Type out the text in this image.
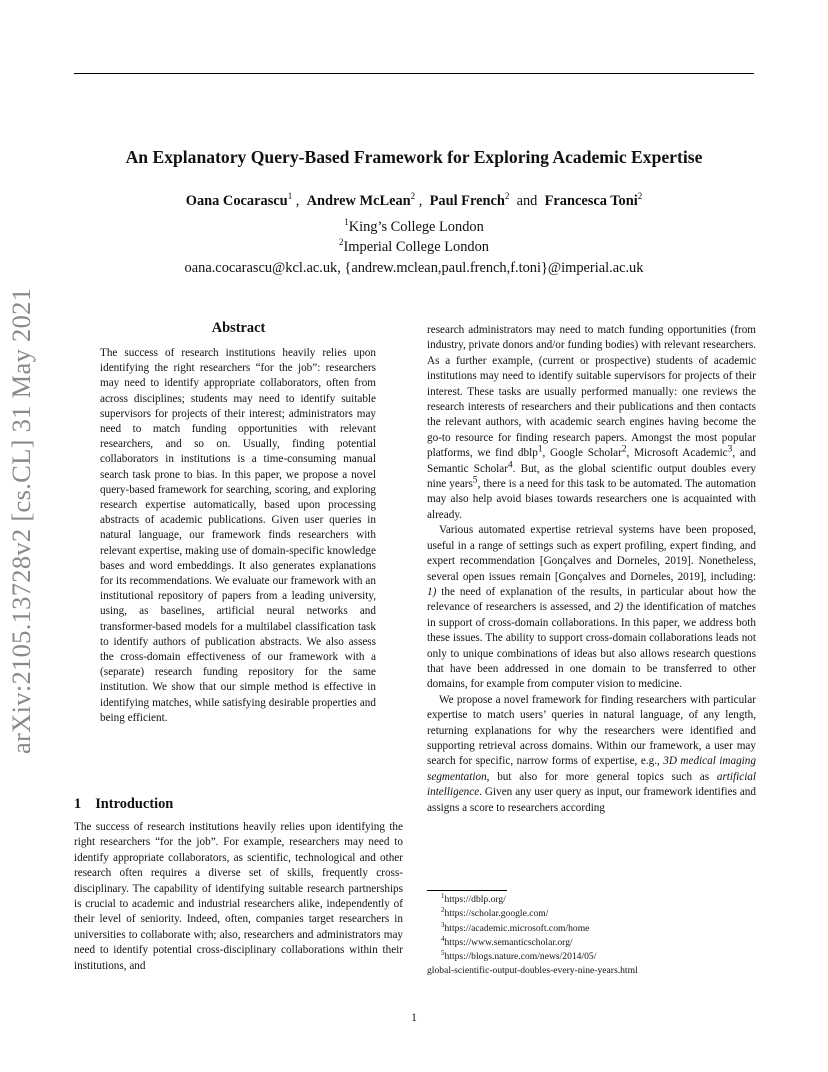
arXiv:2105.13728v2 [cs.CL] 31 May 2021
An Explanatory Query-Based Framework for Exploring Academic Expertise
Oana Cocarascu$^1$ , Andrew McLean$^2$ , Paul French$^2$ and Francesca Toni$^2$
$^1$King’s College London
$^2$Imperial College London
oana.cocarascu@kcl.ac.uk, {andrew.mclean,paul.french,f.toni}@imperial.ac.uk
Abstract
The success of research institutions heavily relies upon identifying the right researchers “for the job”: researchers may need to identify appropriate collaborators, often from across disciplines; students may need to identify suitable supervisors for projects of their interest; administrators may need to match funding opportunities with relevant researchers, and so on. Usually, finding potential collaborators in institutions is a time-consuming manual search task prone to bias. In this paper, we propose a novel query-based framework for searching, scoring, and exploring research expertise automatically, based upon processing abstracts of academic publications. Given user queries in natural language, our framework finds researchers with relevant expertise, making use of domain-specific knowledge bases and word embeddings. It also generates explanations for its recommendations. We evaluate our framework with an institutional repository of papers from a leading university, using, as baselines, artificial neural networks and transformer-based models for a multilabel classification task to identify authors of publication abstracts. We also assess the cross-domain effectiveness of our framework with a (separate) research funding repository for the same institution. We show that our simple method is effective in identifying matches, while satisfying desirable properties and being efficient.
1 Introduction
The success of research institutions heavily relies upon identifying the right researchers “for the job”. For example, researchers may need to identify appropriate collaborators, as scientific, technological and other research often requires a diverse set of skills, frequently cross-disciplinary. The capability of identifying suitable research partnerships is crucial to academic and industrial researchers alike, independently of their level of seniority. Indeed, often, companies target researchers in universities to collaborate with; also, researchers and administrators may need to identify potential cross-disciplinary collaborations within their institutions, and

research administrators may need to match funding opportunities (from industry, private donors and/or funding bodies) with relevant researchers. As a further example, (current or prospective) students of academic institutions may need to identify suitable supervisors for projects of their interest. These tasks are usually performed manually: one reviews the research interests of researchers and their publications and then contacts the relevant authors, with academic search engines having become the go-to resource for finding research papers. Amongst the most popular platforms, we find dblp$^1$, Google Scholar$^2$, Microsoft Academic$^3$, and Semantic Scholar$^4$. But, as the global scientific output doubles every nine years$^5$, there is a need for this task to be automated. The automation may also help avoid biases towards researchers one is acquainted with already.

Various automated expertise retrieval systems have been proposed, useful in a range of settings such as expert profiling, expert finding, and expert recommendation [Gonçalves and Dorneles, 2019]. Nonetheless, several open issues remain [Gonçalves and Dorneles, 2019], including: 1) the need of explanation of the results, in particular about how the relevance of researchers is assessed, and 2) the identification of matches in support of cross-domain collaborations. In this paper, we address both these issues. The ability to support cross-domain collaborations leads not only to unique combinations of ideas but also allows research questions that have been addressed in one domain to be transferred to other domains, for example from computer vision to medicine.

We propose a novel framework for finding researchers with particular expertise to match users’ queries in natural language, of any length, returning explanations for why the researchers were identified and supporting retrieval across domains. Within our framework, a user may search for specific, narrow forms of expertise, e.g., 3D medical imaging segmentation, but also for more general topics such as artificial intelligence. Given any user query as input, our framework identifies and assigns a score to researchers according

$^1$https://dblp.org/
$^2$https://scholar.google.com/
$^3$https://academic.microsoft.com/home
$^4$https://www.semanticscholar.org/
$^5$https://blogs.nature.com/news/2014/05/
global-scientific-output-doubles-every-nine-years.html
1
